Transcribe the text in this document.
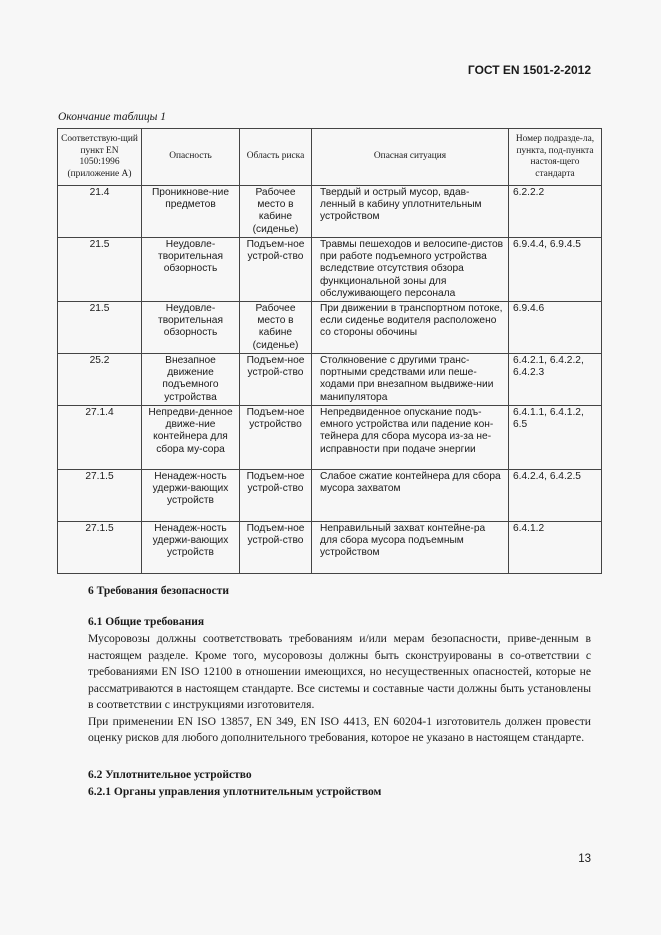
ГОСТ EN 1501-2-2012
Окончание таблицы 1
Соответствую-щий пункт EN 1050:1996 (приложение А)	Опасность	Область риска	Опасная ситуация	Номер подразде-ла, пункта, под-пункта настоя-щего стандарта
21.4	Проникнове-ние предметов	Рабочее место в кабине (сиденье)	Твердый и острый мусор, вдав-ленный в кабину уплотнительным устройством	6.2.2.2
21.5	Неудовле-творительная обзорность	Подъем-ное устрой-ство	Травмы пешеходов и велосипе-дистов при работе подъемного устройства вследствие отсутствия обзора функциональной зоны для обслуживающего персонала	6.9.4.4, 6.9.4.5
21.5	Неудовле-творительная обзорность	Рабочее место в кабине (сиденье)	При движении в транспортном потоке, если сиденье водителя расположено со стороны обочины	6.9.4.6
25.2	Внезапное движение подъемного устройства	Подъем-ное устрой-ство	Столкновение с другими транс-портными средствами или пеше-ходами при внезапном выдвиже-нии манипулятора	6.4.2.1, 6.4.2.2, 6.4.2.3
27.1.4	Непредви-денное движе-ние контейнера для сбора му-сора	Подъем-ное устройство	Непредвиденное опускание подъ-емного устройства или падение кон-тейнера для сбора мусора из-за не-исправности при подаче энергии	6.4.1.1, 6.4.1.2, 6.5
27.1.5	Ненадеж-ность удержи-вающих устройств	Подъем-ное устрой-ство	Слабое сжатие контейнера для сбора мусора захватом	6.4.2.4, 6.4.2.5
27.1.5	Ненадеж-ность удержи-вающих устройств	Подъем-ное устрой-ство	Неправильный захват контейне-ра для сбора мусора подъемным устройством	6.4.1.2
6 Требования безопасности
6.1 Общие требования
Мусоровозы должны соответствовать требованиям и/или мерам безопасности, приве-денным в настоящем разделе. Кроме того, мусоровозы должны быть сконструированы в со-ответствии с требованиями EN ISO 12100 в отношении имеющихся, но несущественных опасностей, которые не рассматриваются в настоящем стандарте. Все системы и составные части должны быть установлены в соответствии с инструкциями изготовителя.
При применении EN ISO 13857, EN 349, EN ISO 4413, EN 60204-1 изготовитель должен провести оценку рисков для любого дополнительного требования, которое не указано в настоящем стандарте.
6.2 Уплотнительное устройство
6.2.1 Органы управления уплотнительным устройством
13
